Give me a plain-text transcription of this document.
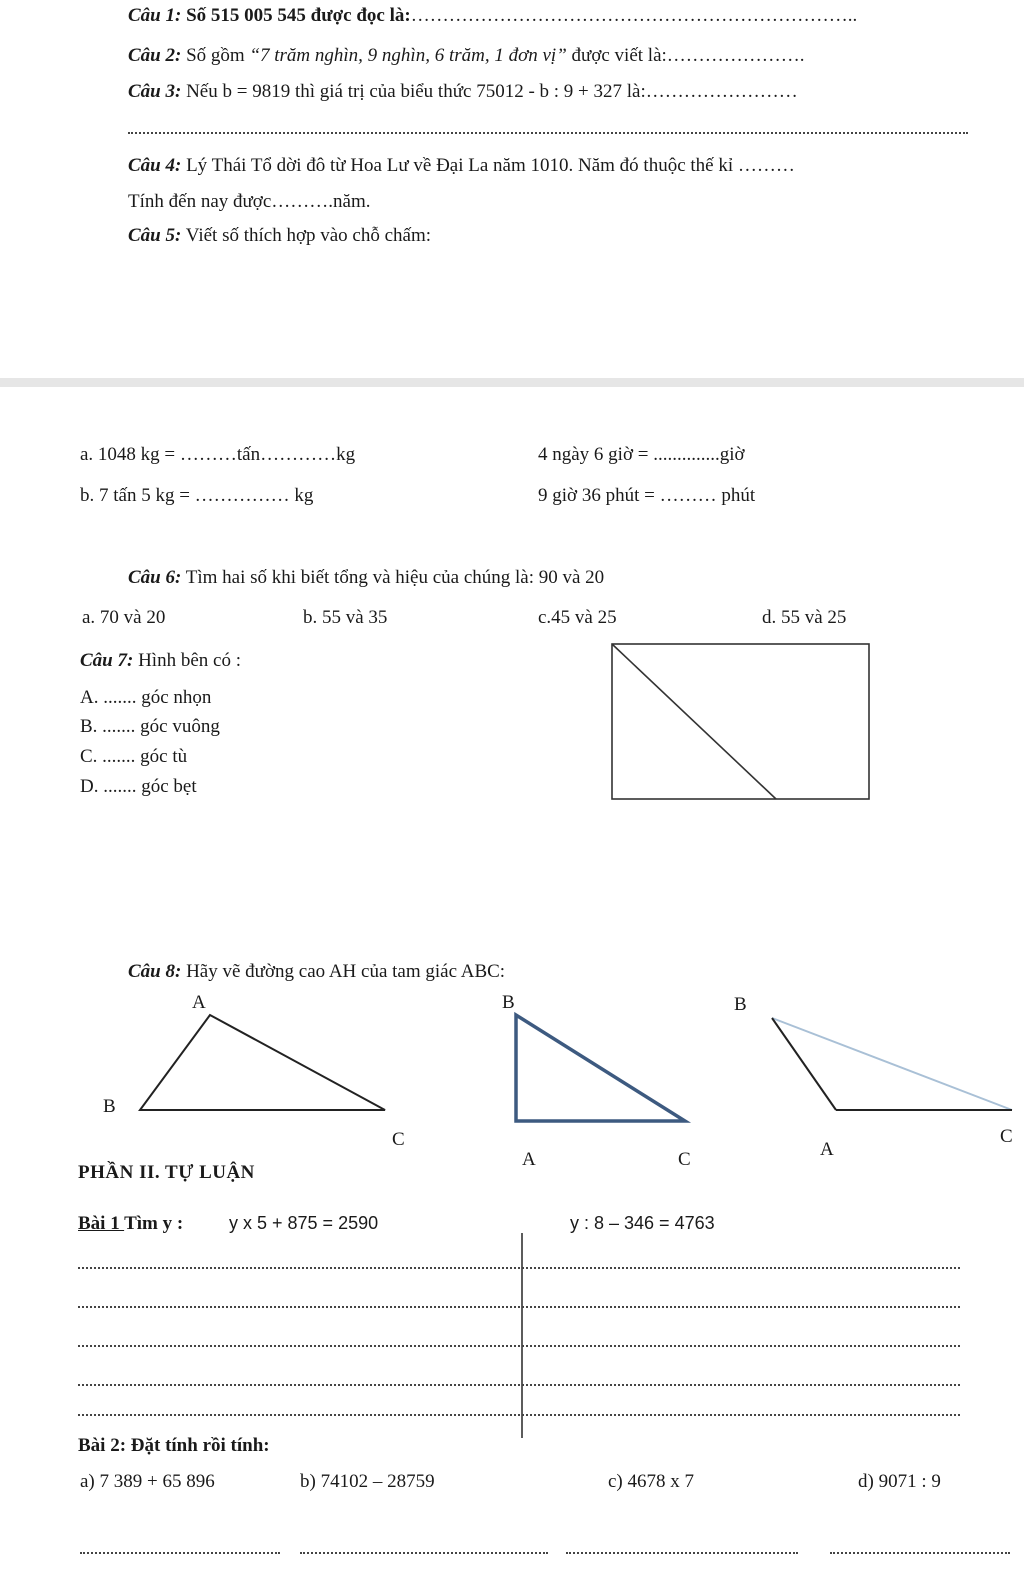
Câu 1: Số 515 005 545 được đọc là:……………………………………………………………..
Câu 2: Số gồm “7 trăm nghìn, 9 nghìn, 6 trăm, 1 đơn vị” được viết là:………………….
Câu 3: Nếu b = 9819 thì giá trị của biểu thức 75012 - b : 9 + 327 là:……………………
Câu 4: Lý Thái Tổ dời đô từ Hoa Lư về Đại La năm 1010. Năm đó thuộc thế kỉ ………
Tính đến nay được……….năm.
Câu 5: Viết số thích hợp vào chỗ chấm:
a. 1048 kg = ………tấn…………kg	4 ngày 6 giờ = ..............giờ
b. 7 tấn 5 kg = …………… kg	9 giờ 36 phút = ……… phút
Câu 6: Tìm hai số khi biết tổng và hiệu của chúng là: 90 và 20
a. 70 và 20	b. 55 và 35	c.45 và 25	d. 55 và 25
Câu 7: Hình bên có :
A. ....... góc nhọn
B. ....... góc vuông
C. ....... góc tù
D. ....... góc bẹt
Câu 8: Hãy vẽ đường cao AH của tam giác ABC:
A
B
C
B
A	C
B
A
C
PHẦN II. TỰ LUẬN
Bài 1 Tìm y :	y x 5 + 875 = 2590	y : 8 – 346 = 4763
Bài 2: Đặt tính rồi tính:
a) 7 389 + 65 896	b) 74102 – 28759	c) 4678 x 7	d) 9071 : 9
